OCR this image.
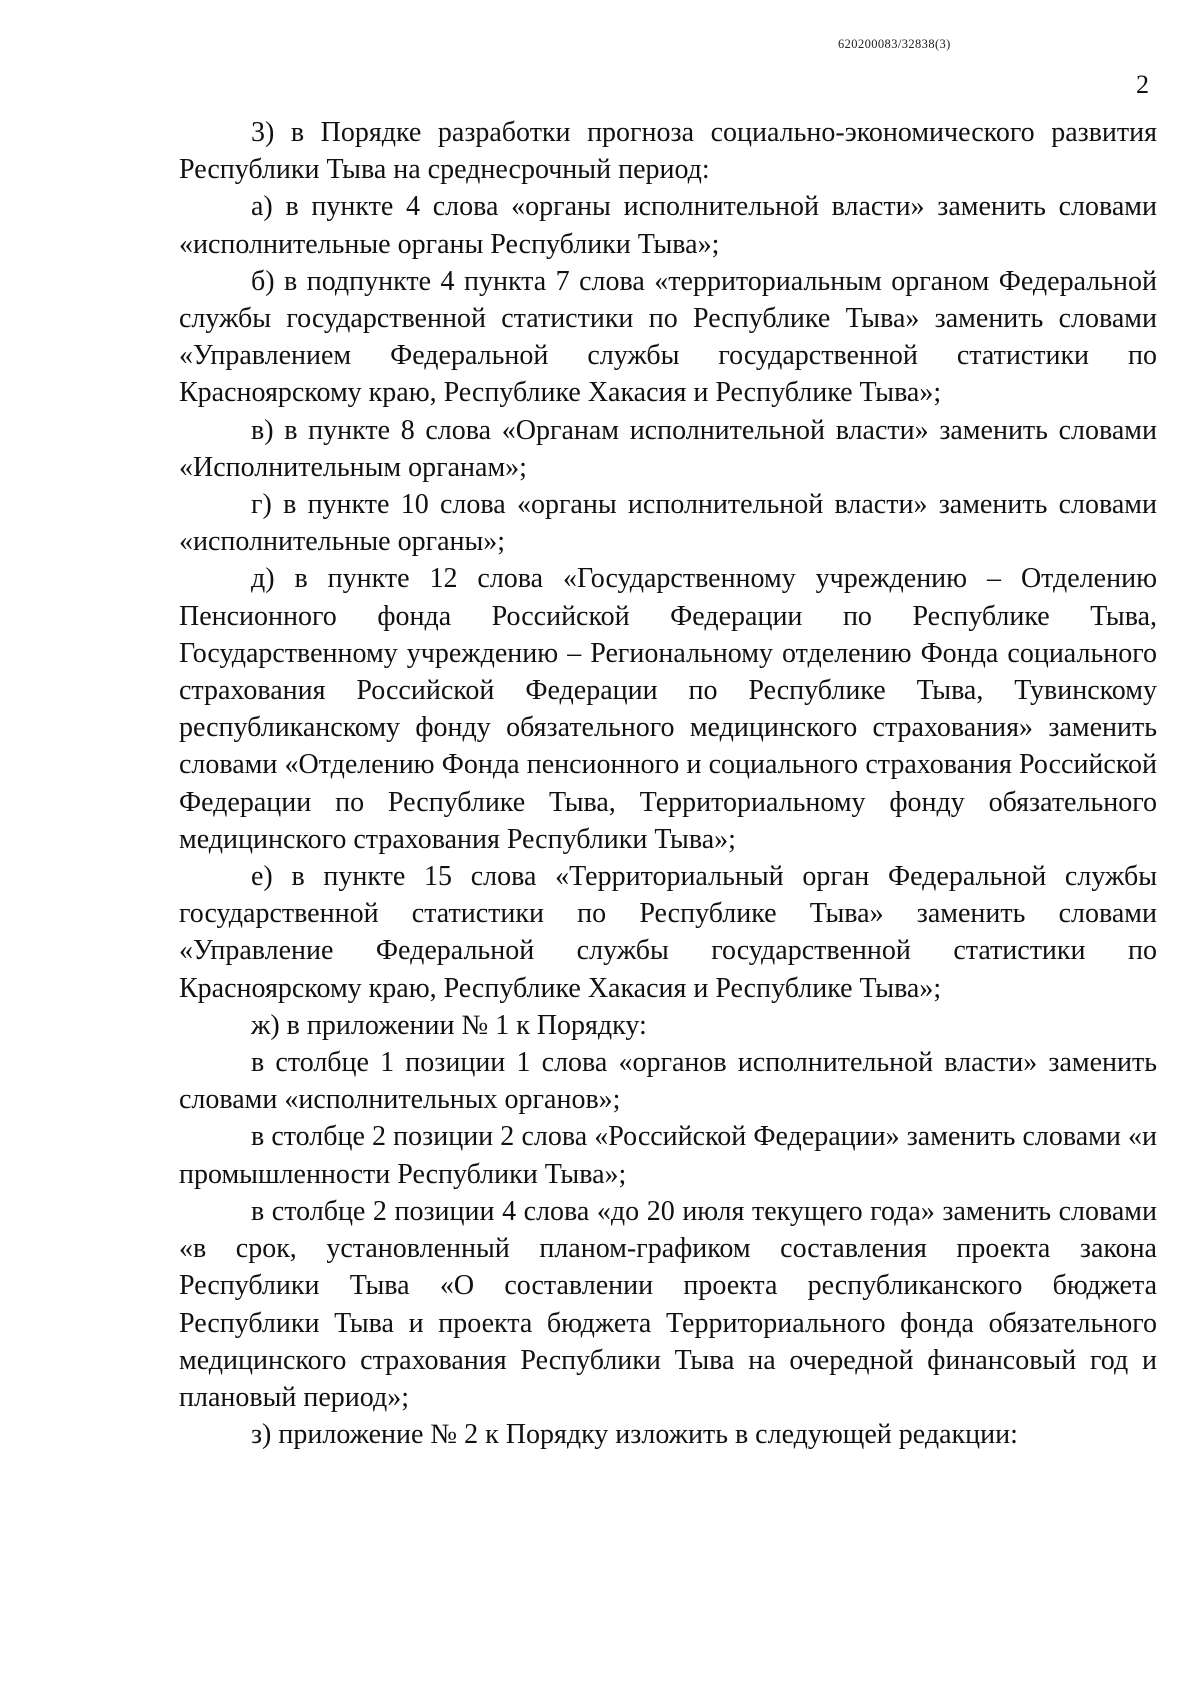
620200083/32838(3)
2

3) в Порядке разработки прогноза социально-экономического развития Республики Тыва на среднесрочный период:

а) в пункте 4 слова «органы исполнительной власти» заменить словами «исполнительные органы Республики Тыва»;

б) в подпункте 4 пункта 7 слова «территориальным органом Федеральной службы государственной статистики по Республике Тыва» заменить словами «Управлением Федеральной службы государственной статистики по Красноярскому краю, Республике Хакасия и Республике Тыва»;

в) в пункте 8 слова «Органам исполнительной власти» заменить словами «Исполнительным органам»;

г) в пункте 10 слова «органы исполнительной власти» заменить словами «исполнительные органы»;

д) в пункте 12 слова «Государственному учреждению – Отделению Пенсионного фонда Российской Федерации по Республике Тыва, Государственному учреждению – Региональному отделению Фонда социального страхования Российской Федерации по Республике Тыва, Тувинскому республиканскому фонду обязательного медицинского страхования» заменить словами «Отделению Фонда пенсионного и социального страхования Российской Федерации по Республике Тыва, Территориальному фонду обязательного медицинского страхования Республики Тыва»;

е) в пункте 15 слова «Территориальный орган Федеральной службы государственной статистики по Республике Тыва» заменить словами «Управление Федеральной службы государственной статистики по Красноярскому краю, Республике Хакасия и Республике Тыва»;

ж) в приложении № 1 к Порядку:

в столбце 1 позиции 1 слова «органов исполнительной власти» заменить словами «исполнительных органов»;

в столбце 2 позиции 2 слова «Российской Федерации» заменить словами «и промышленности Республики Тыва»;

в столбце 2 позиции 4 слова «до 20 июля текущего года» заменить словами «в срок, установленный планом-графиком составления проекта закона Республики Тыва «О составлении проекта республиканского бюджета Республики Тыва и проекта бюджета Территориального фонда обязательного медицинского страхования Республики Тыва на очередной финансовый год и плановый период»;

з) приложение № 2 к Порядку изложить в следующей редакции:
